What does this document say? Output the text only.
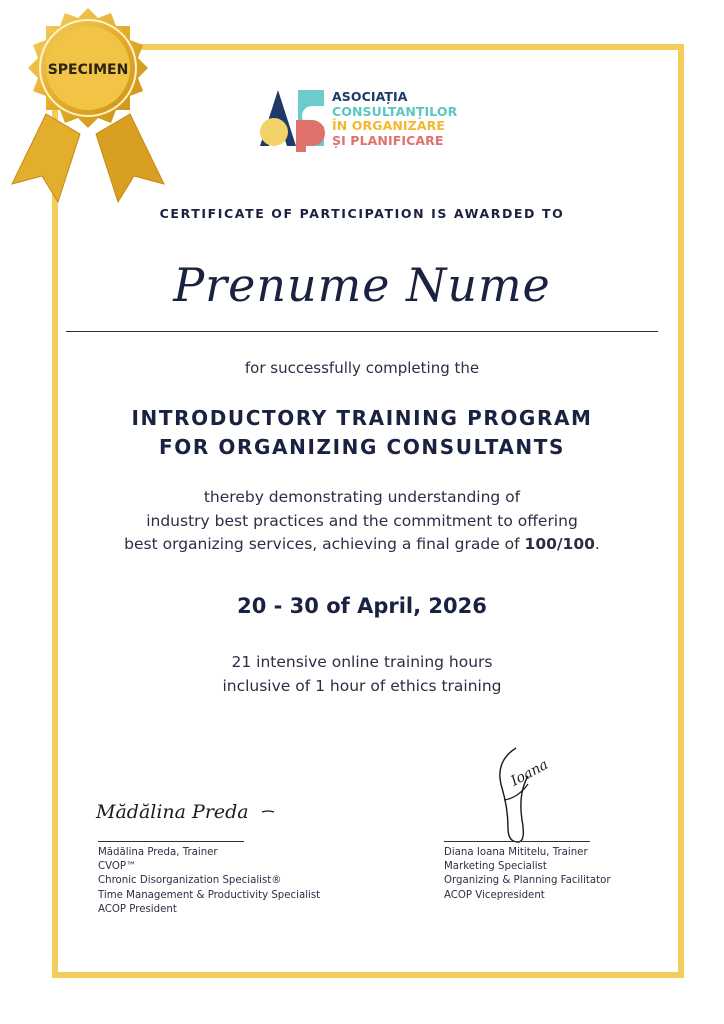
SPECIMEN
ASOCIAȚIA
CONSULTANȚILOR
ÎN ORGANIZARE
ȘI PLANIFICARE
CERTIFICATE OF PARTICIPATION IS AWARDED TO
Prenume Nume
for successfully completing the
INTRODUCTORY TRAINING PROGRAM
FOR ORGANIZING CONSULTANTS
thereby demonstrating understanding of
industry best practices and the commitment to offering
best organizing services, achieving a final grade of 100/100.
20 - 30 of April, 2026
21 intensive online training hours
inclusive of 1 hour of ethics training
Mădălina Preda
Mădălina Preda, Trainer
CVOP™
Chronic Disorganization Specialist®
Time Management & Productivity Specialist
ACOP President
Ioana
Diana Ioana Mititelu, Trainer
Marketing Specialist
Organizing & Planning Facilitator
ACOP Vicepresident
